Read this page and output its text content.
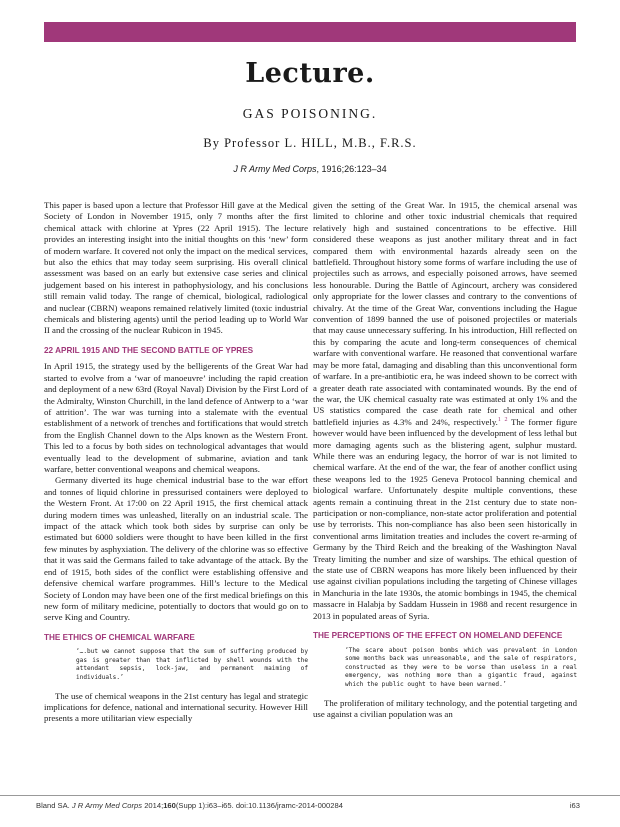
Lecture.
GAS POISONING.
By Professor L. HILL, M.B., F.R.S.
J R Army Med Corps, 1916;26:123–34

This paper is based upon a lecture that Professor Hill gave at the Medical Society of London in November 1915, only 7 months after the first chemical attack with chlorine at Ypres (22 April 1915). The lecture provides an interesting insight into the initial thoughts on this ‘new’ form of modern warfare. It covered not only the impact on the medical services, but also the ethics that may today seem surprising. His overall clinical assessment was based on an early but extensive case series and clinical judgement based on his interest in pathophysiology, and his conclusions still remain valid today. The range of chemical, biological, radiological and nuclear (CBRN) weapons remained relatively limited (toxic industrial chemicals and blistering agents) until the period leading up to World War II and the crossing of the nuclear Rubicon in 1945.

22 APRIL 1915 AND THE SECOND BATTLE OF YPRES

In April 1915, the strategy used by the belligerents of the Great War had started to evolve from a ‘war of manoeuvre’ including the rapid creation and deployment of a new 63rd (Royal Naval) Division by the First Lord of the Admiralty, Winston Churchill, in the land defence of Antwerp to a ‘war of attrition’. The war was turning into a stalemate with the eventual establishment of a network of trenches and fortifications that would stretch from the English Channel down to the Alps known as the Western Front. This led to a focus by both sides on technological advantages that would eventually lead to the development of submarine, aviation and tank warfare, better conventional weapons and chemical weapons.

Germany diverted its huge chemical industrial base to the war effort and tonnes of liquid chlorine in pressurised containers were deployed to the Western Front. At 17:00 on 22 April 1915, the first chemical attack during modern times was unleashed, literally on an industrial scale. The impact of the attack which took both sides by surprise can only be estimated but 6000 soldiers were thought to have been killed in the first few minutes by asphyxiation. The delivery of the chlorine was so effective that it was said the Germans failed to take advantage of the attack. By the end of 1915, both sides of the conflict were establishing offensive and defensive chemical warfare programmes. Hill’s lecture to the Medical Society of London may have been one of the first medical briefings on this new form of military medicine, potentially to doctors that would go on to serve King and Country.

THE ETHICS OF CHEMICAL WARFARE
‘….but we cannot suppose that the sum of suffering produced by gas is greater than that inflicted by shell wounds with the attendant sepsis, lock-jaw, and permanent maiming of individuals.’

The use of chemical weapons in the 21st century has legal and strategic implications for defence, national and international security. However Hill presents a more utilitarian view especially

given the setting of the Great War. In 1915, the chemical arsenal was limited to chlorine and other toxic industrial chemicals that required relatively high and sustained concentrations to be effective. Hill considered these weapons as just another military threat and in fact compared them with environmental hazards already seen on the battlefield. Throughout history some forms of warfare including the use of projectiles such as arrows, and especially poisoned arrows, have seemed less honourable. During the Battle of Agincourt, archery was considered only appropriate for the lower classes and contrary to the conventions of chivalry. At the time of the Great War, conventions including the Hague convention of 1899 banned the use of poisoned projectiles or materials that may cause unnecessary suffering. In his introduction, Hill reflected on this by comparing the acute and long-term consequences of chemical warfare with conventional warfare. He reasoned that conventional warfare may be more fatal, damaging and disabling than this unconventional form of warfare. In a pre-antibiotic era, he was indeed shown to be correct with a greater death rate associated with contaminated wounds. By the end of the war, the UK chemical casualty rate was estimated at only 1% and the US statistics compared the case death rate for chemical and other battlefield injuries as 4.3% and 24%, respectively.$^1$ $^2$ The former figure however would have been influenced by the development of less lethal but more damaging agents such as the blistering agent, sulphur mustard. While there was an enduring legacy, the horror of war is not limited to chemical warfare. At the end of the war, the fear of another conflict using these weapons led to the 1925 Geneva Protocol banning chemical and biological warfare. Unfortunately despite multiple conventions, these agents remain a continuing threat in the 21st century due to state non-participation or non-compliance, non-state actor proliferation and potential use by terrorists. This non-compliance has also been seen historically in conventional arms limitation treaties and includes the covert re-arming of Germany by the Third Reich and the breaking of the Washington Naval Treaty limiting the number and size of warships. The ethical question of the state use of CBRN weapons has more likely been influenced by their use against civilian populations including the targeting of Chinese villages in Manchuria in the late 1930s, the atomic bombings in 1945, the chemical massacre in Halabja by Saddam Hussein in 1988 and recent resurgence in 2013 in populated areas of Syria.

THE PERCEPTIONS OF THE EFFECT ON HOMELAND DEFENCE
‘The scare about poison bombs which was prevalent in London some months back was unreasonable, and the sale of respirators, constructed as they were to be worse than useless in a real emergency, was nothing more than a gigantic fraud, against which the public ought to have been warned.’

The proliferation of military technology, and the potential targeting and use against a civilian population was an

Bland SA. J R Army Med Corps 2014;160(Supp 1):i63–i65. doi:10.1136/jramc-2014-000284	i63
